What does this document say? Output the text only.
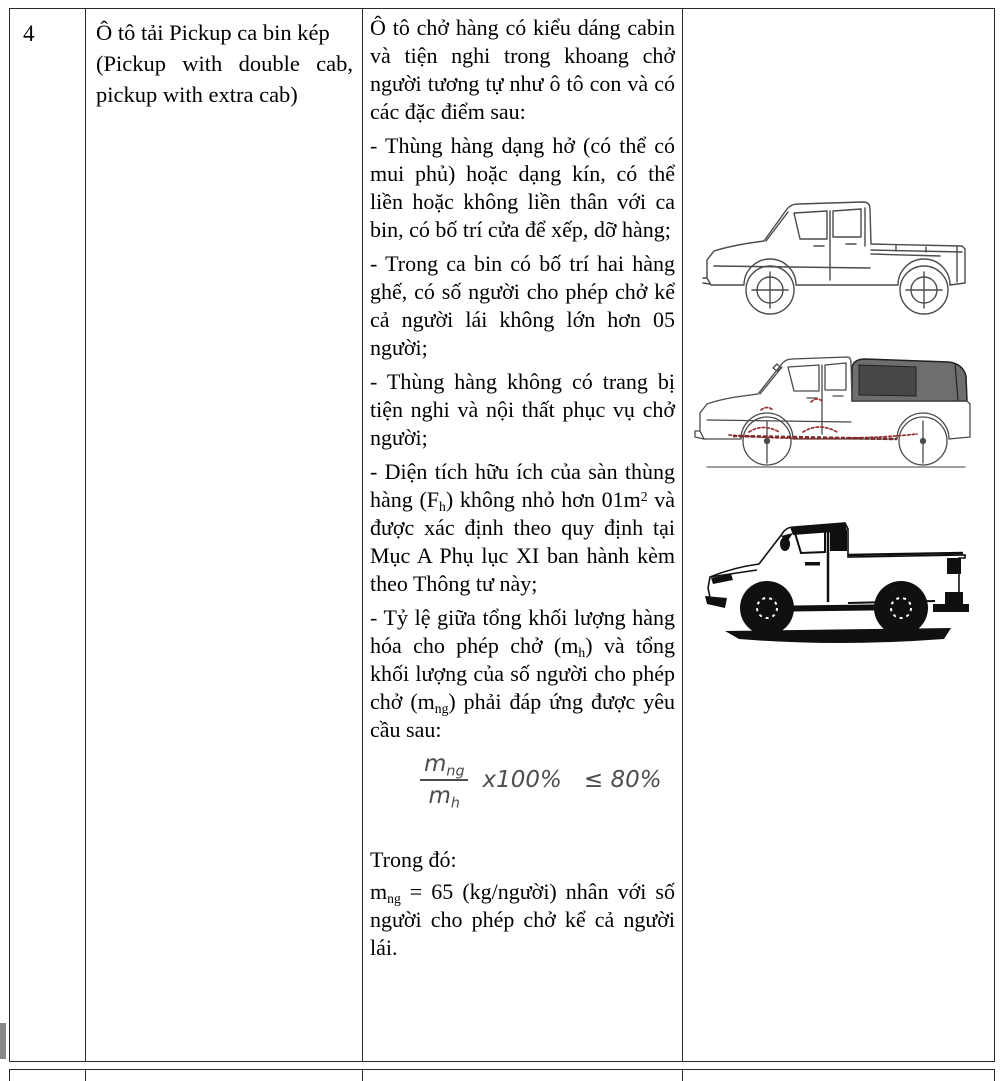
4	Ô tô tải Pickup ca bin kép

(Pickup with double cab, pickup with extra cab)

Ô tô chở hàng có kiểu dáng cabin và tiện nghi trong khoang chở người tương tự như ô tô con và có các đặc điểm sau:

- Thùng hàng dạng hở (có thể có mui phủ) hoặc dạng kín, có thể liền hoặc không liền thân với ca bin, có bố trí cửa để xếp, dỡ hàng;

- Trong ca bin có bố trí hai hàng ghế, có số người cho phép chở kể cả người lái không lớn hơn 05 người;

- Thùng hàng không có trang bị tiện nghi và nội thất phục vụ chở người;

- Diện tích hữu ích của sàn thùng hàng $(F_h)$ không nhỏ hơn $01m^2$ và được xác định theo quy định tại Mục A Phụ lục XI ban hành kèm theo Thông tư này;

- Tỷ lệ giữa tổng khối lượng hàng hóa cho phép chở $(m_h)$ và tổng khối lượng của số người cho phép chở $(m_{ng})$ phải đáp ứng được yêu cầu sau:

$\frac{m_{ng}}{m_h} x100\% \le 80\%$

Trong đó:

$m_{ng} = 65$ (kg/người) nhân với số người cho phép chở kể cả người lái.
